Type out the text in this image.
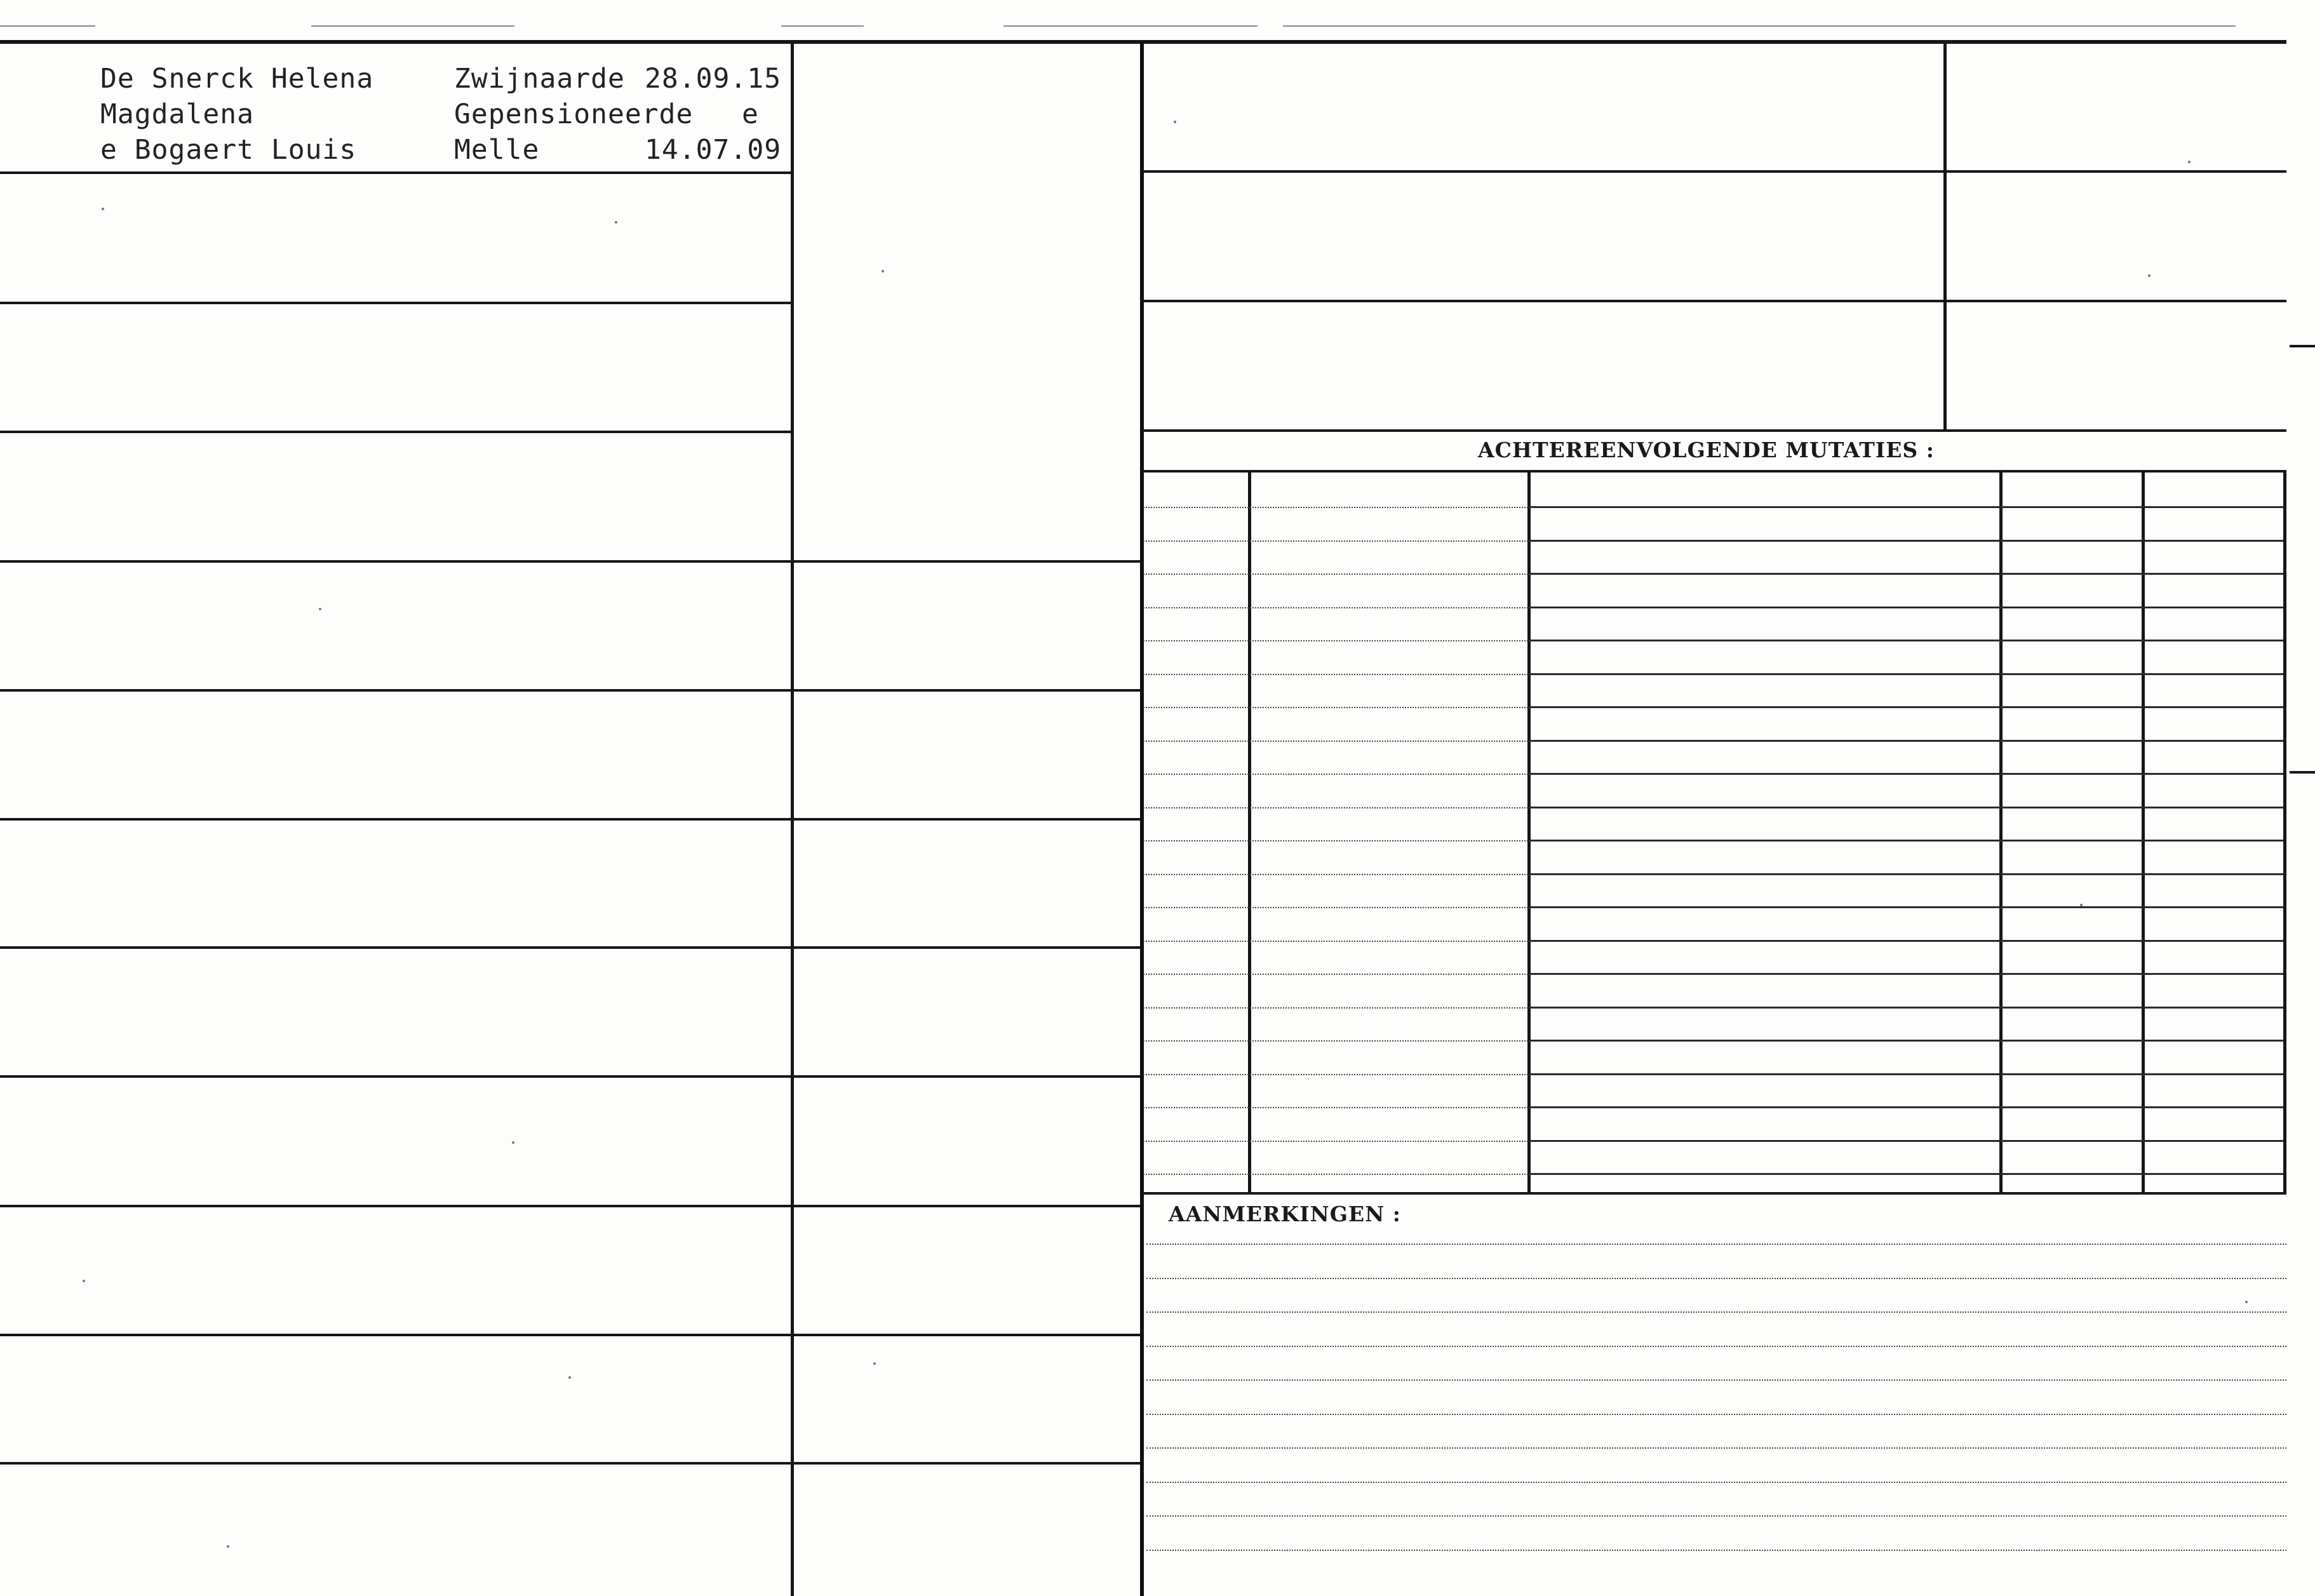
ACHTEREENVOLGENDE MUTATIES :
AANMERKINGEN :
De Snerck Helena	Zwijnaarde 28.09.15
Magdalena	Gepensioneerde e
e Bogaert Louis	Melle	14.07.09
